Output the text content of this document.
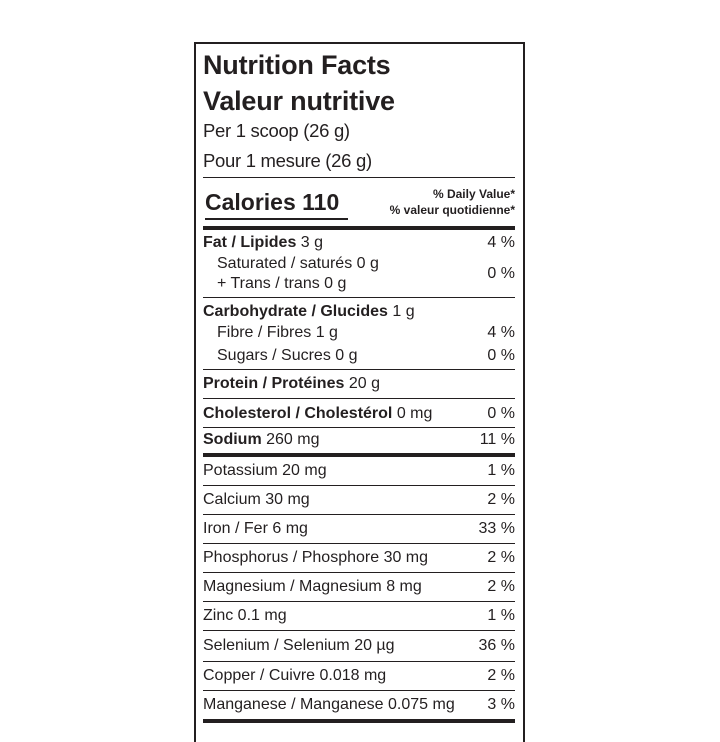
Nutrition Facts
Valeur nutritive
Per 1 scoop (26 g)
Pour 1 mesure (26 g)
Calories 110	% Daily Value*
% valeur quotidienne*
Fat / Lipides 3 g	4 %
Saturated / saturés 0 g
+ Trans / trans 0 g
0 %
Carbohydrate / Glucides 1 g
Fibre / Fibres 1 g	4 %
Sugars / Sucres 0 g	0 %
Protein / Protéines 20 g
Cholesterol / Cholestérol 0 mg	0 %
Sodium 260 mg	11 %
Potassium 20 mg	1 %
Calcium 30 mg	2 %
Iron / Fer 6 mg	33 %
Phosphorus / Phosphore 30 mg	2 %
Magnesium / Magnesium 8 mg	2 %
Zinc 0.1 mg	1 %
Selenium / Selenium 20 µg	36 %
Copper / Cuivre 0.018 mg	2 %
Manganese / Manganese 0.075 mg 3 %
